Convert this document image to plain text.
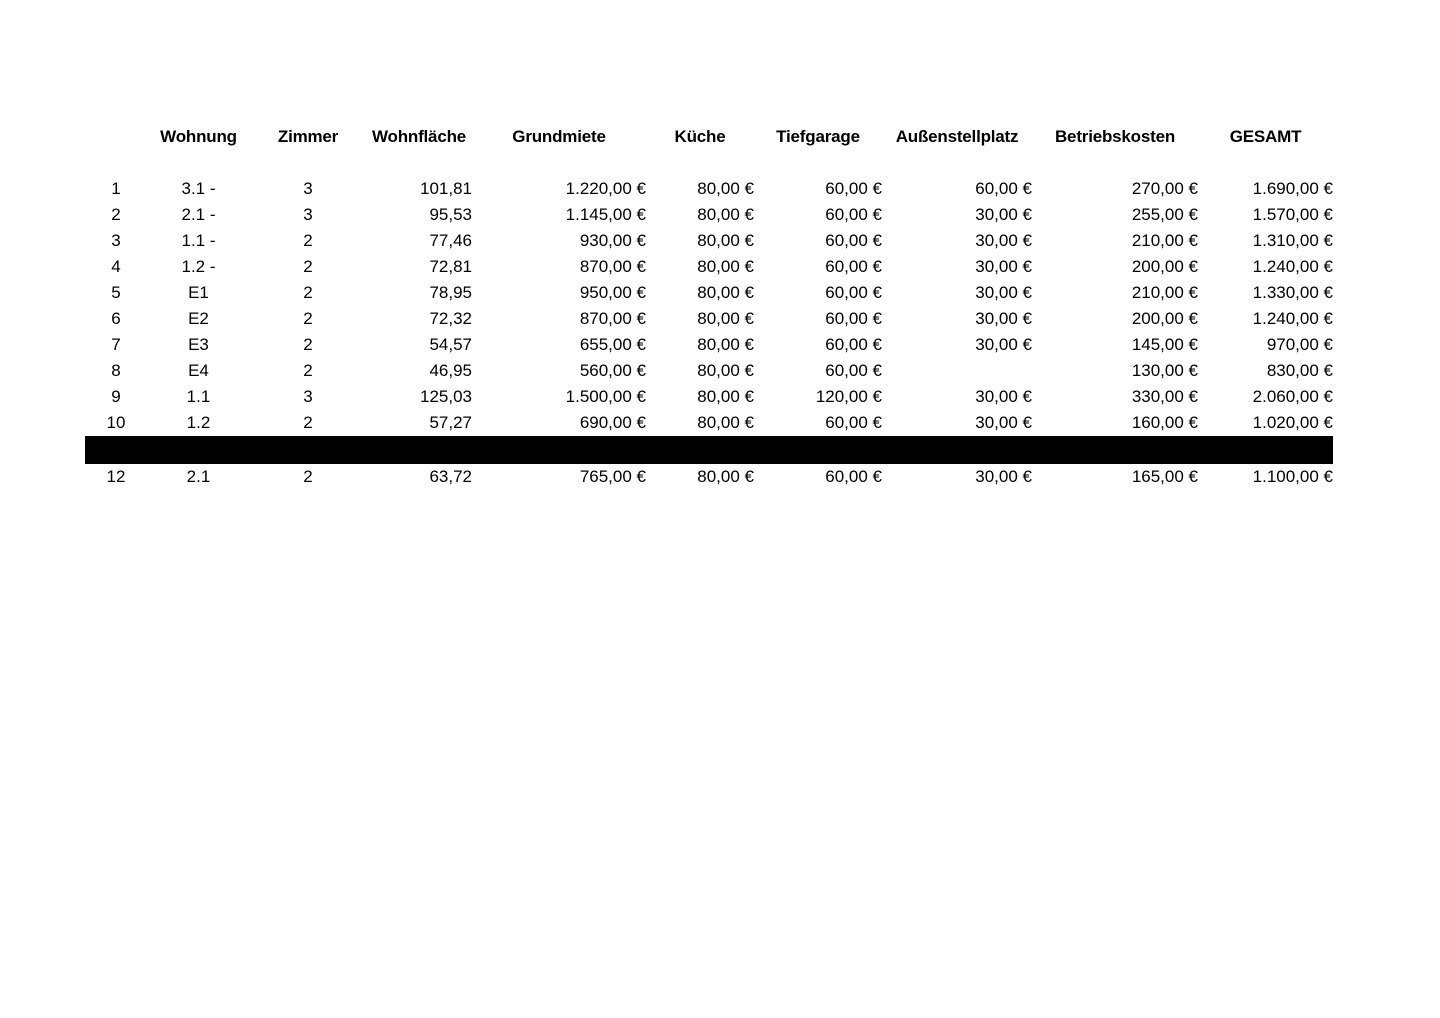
	Wohnung	Zimmer	Wohnfläche	Grundmiete	Küche	Tiefgarage	Außenstellplatz	Betriebskosten	GESAMT

1	3.1 -	3	101,81	1.220,00 €	80,00 €	60,00 €	60,00 €	270,00 €	1.690,00 €
2	2.1 -	3	95,53	1.145,00 €	80,00 €	60,00 €	30,00 €	255,00 €	1.570,00 €
3	1.1 -	2	77,46	930,00 €	80,00 €	60,00 €	30,00 €	210,00 €	1.310,00 €
4	1.2 -	2	72,81	870,00 €	80,00 €	60,00 €	30,00 €	200,00 €	1.240,00 €
5	E1	2	78,95	950,00 €	80,00 €	60,00 €	30,00 €	210,00 €	1.330,00 €
6	E2	2	72,32	870,00 €	80,00 €	60,00 €	30,00 €	200,00 €	1.240,00 €
7	E3	2	54,57	655,00 €	80,00 €	60,00 €	30,00 €	145,00 €	970,00 €
8	E4	2	46,95	560,00 €	80,00 €	60,00 €		130,00 €	830,00 €
9	1.1	3	125,03	1.500,00 €	80,00 €	120,00 €	30,00 €	330,00 €	2.060,00 €
10	1.2	2	57,27	690,00 €	80,00 €	60,00 €	30,00 €	160,00 €	1.020,00 €

12	2.1	2	63,72	765,00 €	80,00 €	60,00 €	30,00 €	165,00 €	1.100,00 €
